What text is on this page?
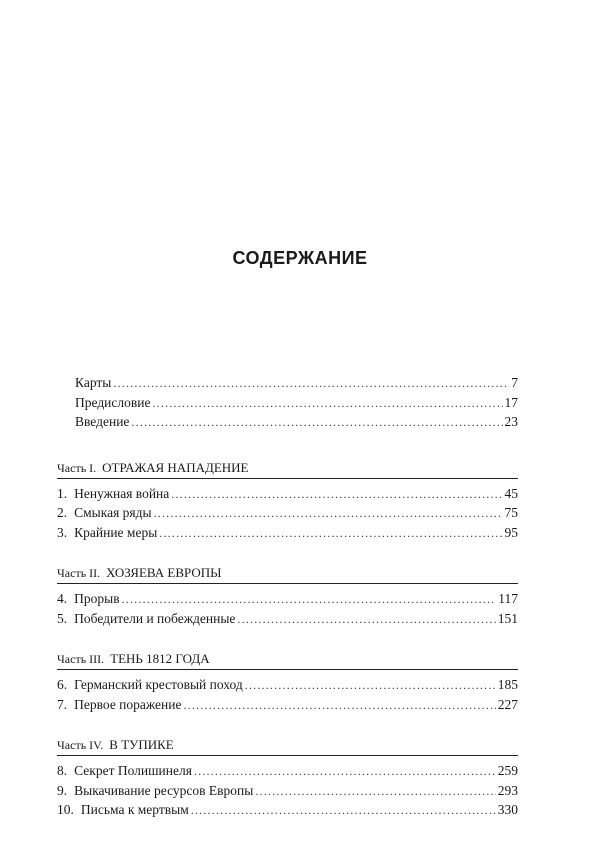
СОДЕРЖАНИЕ
Карты .....	7
Предисловие .....	17
Введение .....	23
Часть I. ОТРАЖАЯ НАПАДЕНИЕ
1. Ненужная война .....	45
2. Смыкая ряды .....	75
3. Крайние меры .....	95
Часть II. ХОЗЯЕВА ЕВРОПЫ
4. Прорыв .....	117
5. Победители и побежденные .....	151
Часть III. ТЕНЬ 1812 ГОДА
6. Германский крестовый поход .....	185
7. Первое поражение .....	227
Часть IV. В ТУПИКЕ
8. Секрет Полишинеля .....	259
9. Выкачивание ресурсов Европы .....	293
10. Письма к мертвым .....	330
